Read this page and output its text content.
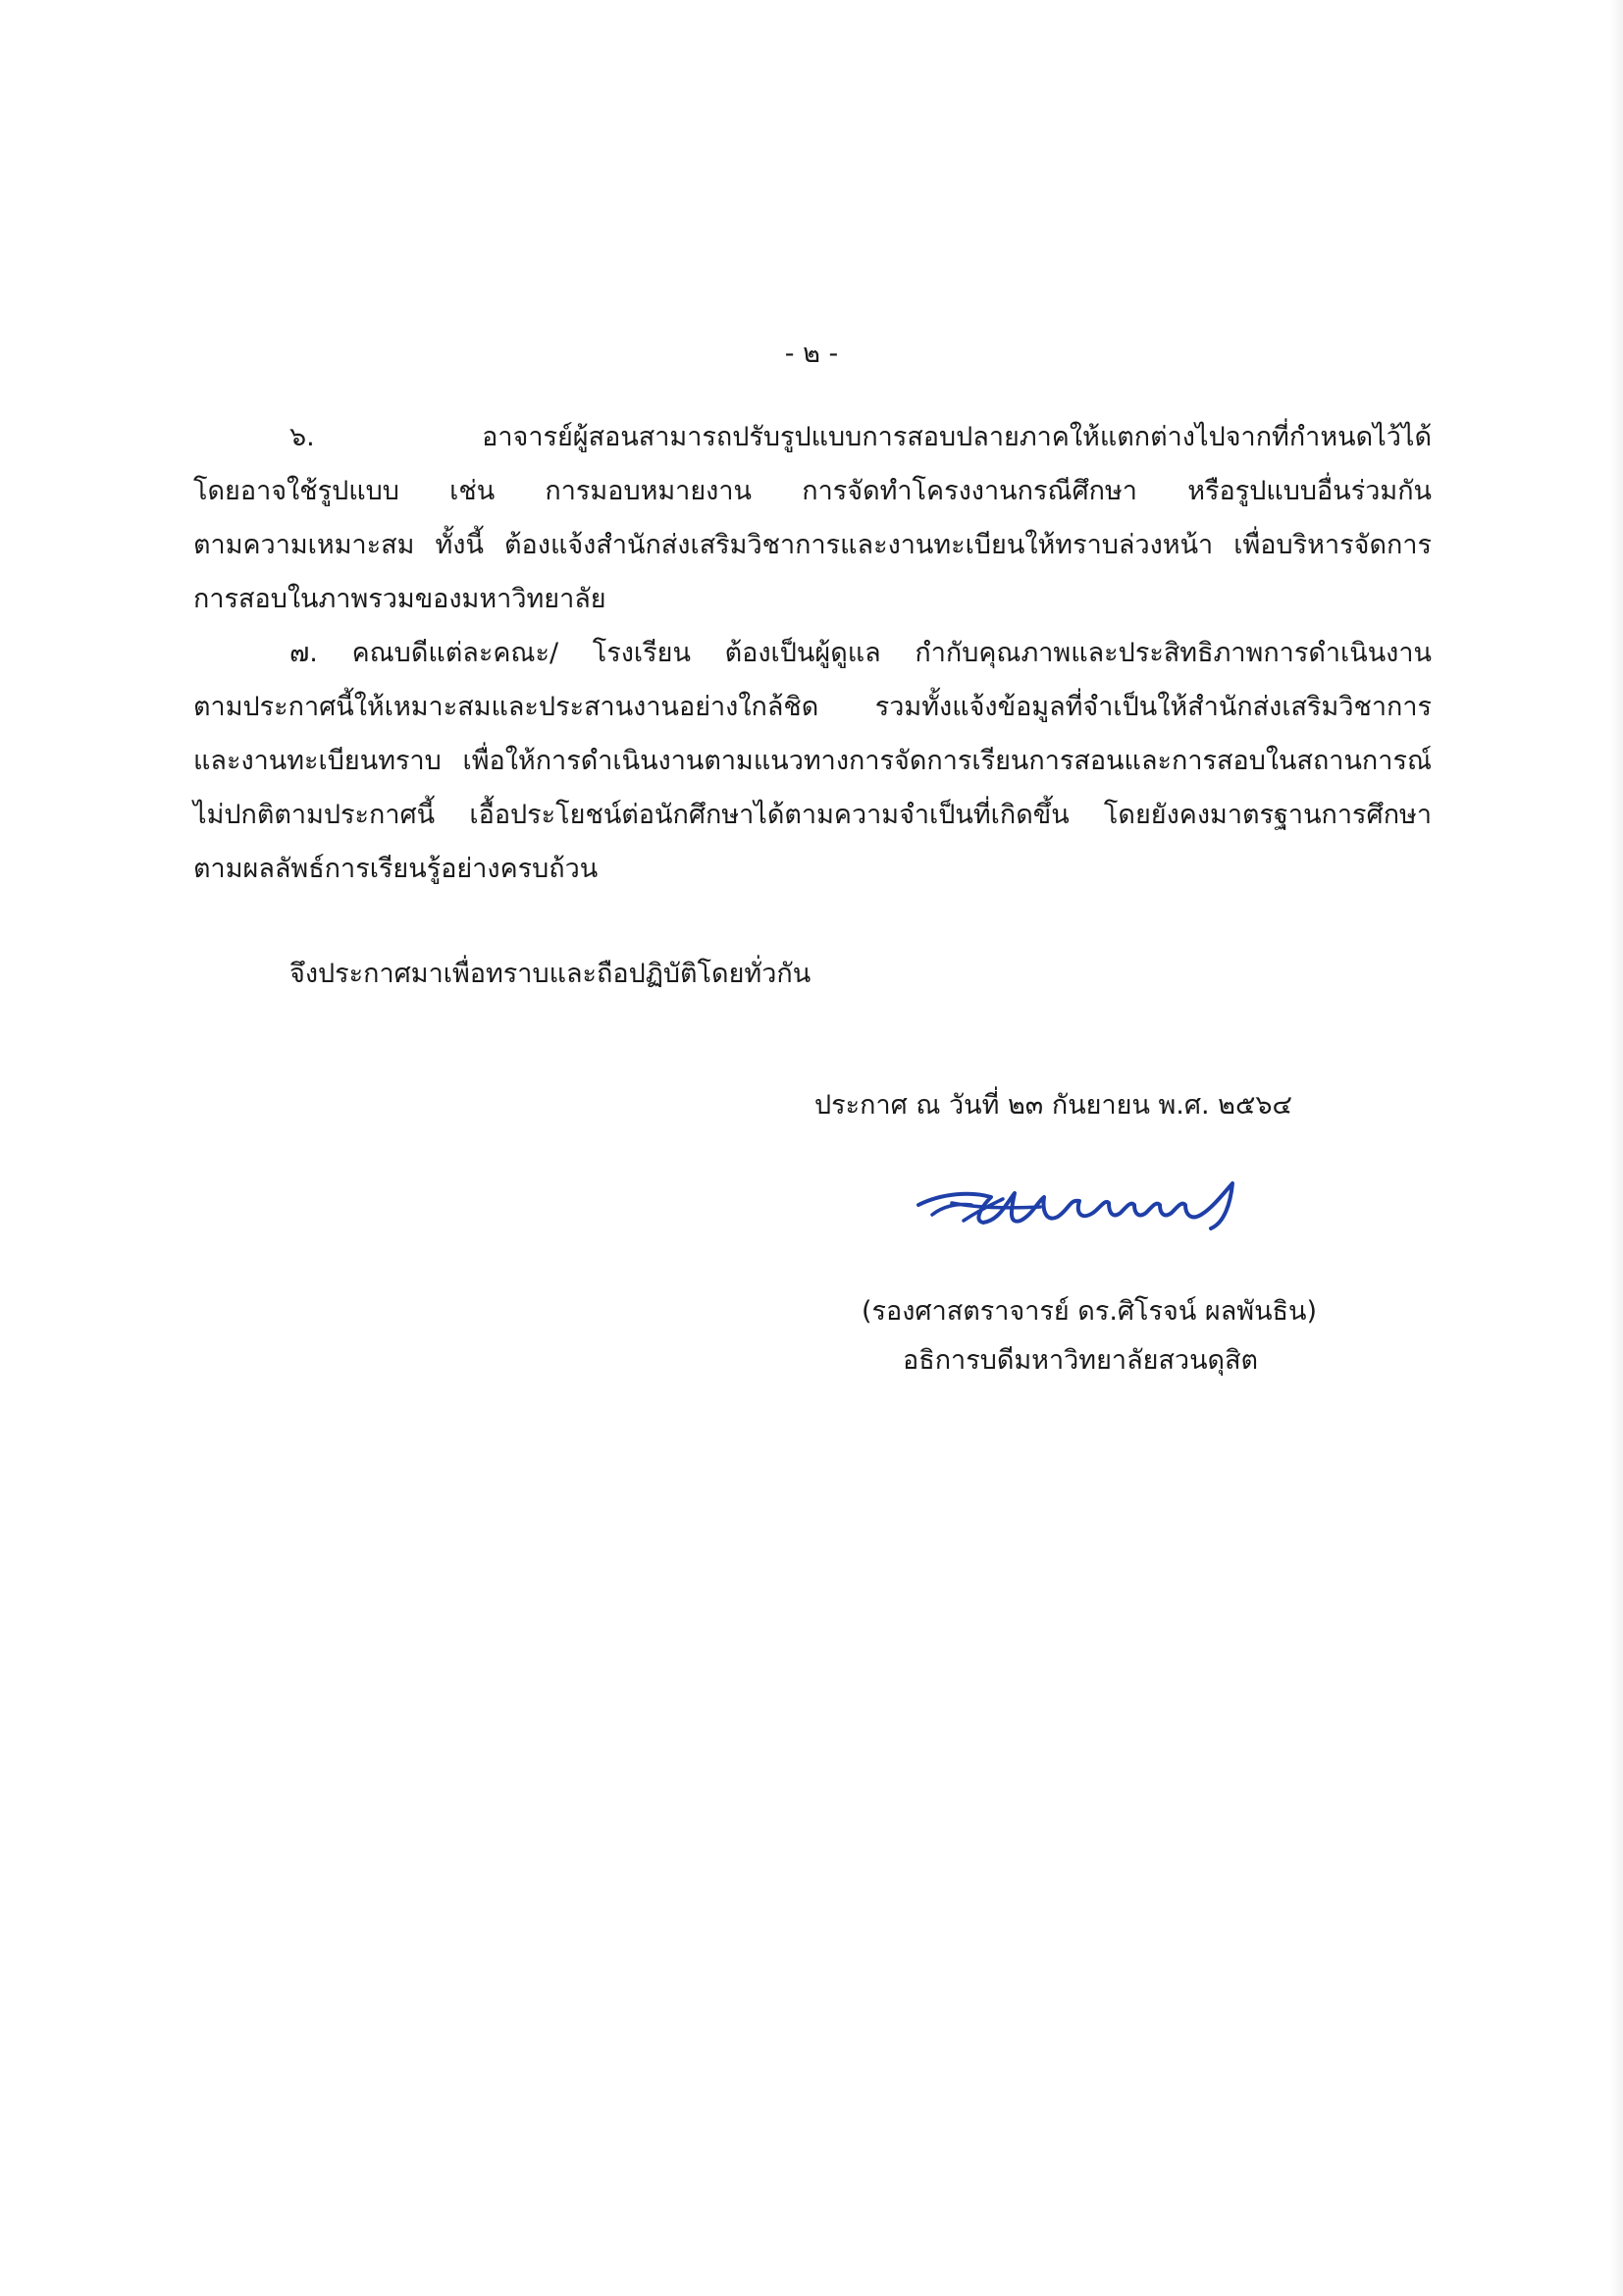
- ๒ -
๖. อาจารย์ผู้สอนสามารถปรับรูปแบบการสอบปลายภาคให้แตกต่างไปจากที่กำหนดไว้ได้
โดยอาจใช้รูปแบบ เช่น การมอบหมายงาน การจัดทำโครงงานกรณีศึกษา หรือรูปแบบอื่นร่วมกัน
ตามความเหมาะสม ทั้งนี้ ต้องแจ้งสำนักส่งเสริมวิชาการและงานทะเบียนให้ทราบล่วงหน้า เพื่อบริหารจัดการ
การสอบในภาพรวมของมหาวิทยาลัย
๗. คณบดีแต่ละคณะ/ โรงเรียน ต้องเป็นผู้ดูแล กำกับคุณภาพและประสิทธิภาพการดำเนินงาน
ตามประกาศนี้ให้เหมาะสมและประสานงานอย่างใกล้ชิด รวมทั้งแจ้งข้อมูลที่จำเป็นให้สำนักส่งเสริมวิชาการ
และงานทะเบียนทราบ เพื่อให้การดำเนินงานตามแนวทางการจัดการเรียนการสอนและการสอบในสถานการณ์
ไม่ปกติตามประกาศนี้ เอื้อประโยชน์ต่อนักศึกษาได้ตามความจำเป็นที่เกิดขึ้น โดยยังคงมาตรฐานการศึกษา
ตามผลลัพธ์การเรียนรู้อย่างครบถ้วน
จึงประกาศมาเพื่อทราบและถือปฏิบัติโดยทั่วกัน
ประกาศ ณ วันที่ ๒๓ กันยายน พ.ศ. ๒๕๖๔
(รองศาสตราจารย์ ดร.ศิโรจน์ ผลพันธิน)
อธิการบดีมหาวิทยาลัยสวนดุสิต
